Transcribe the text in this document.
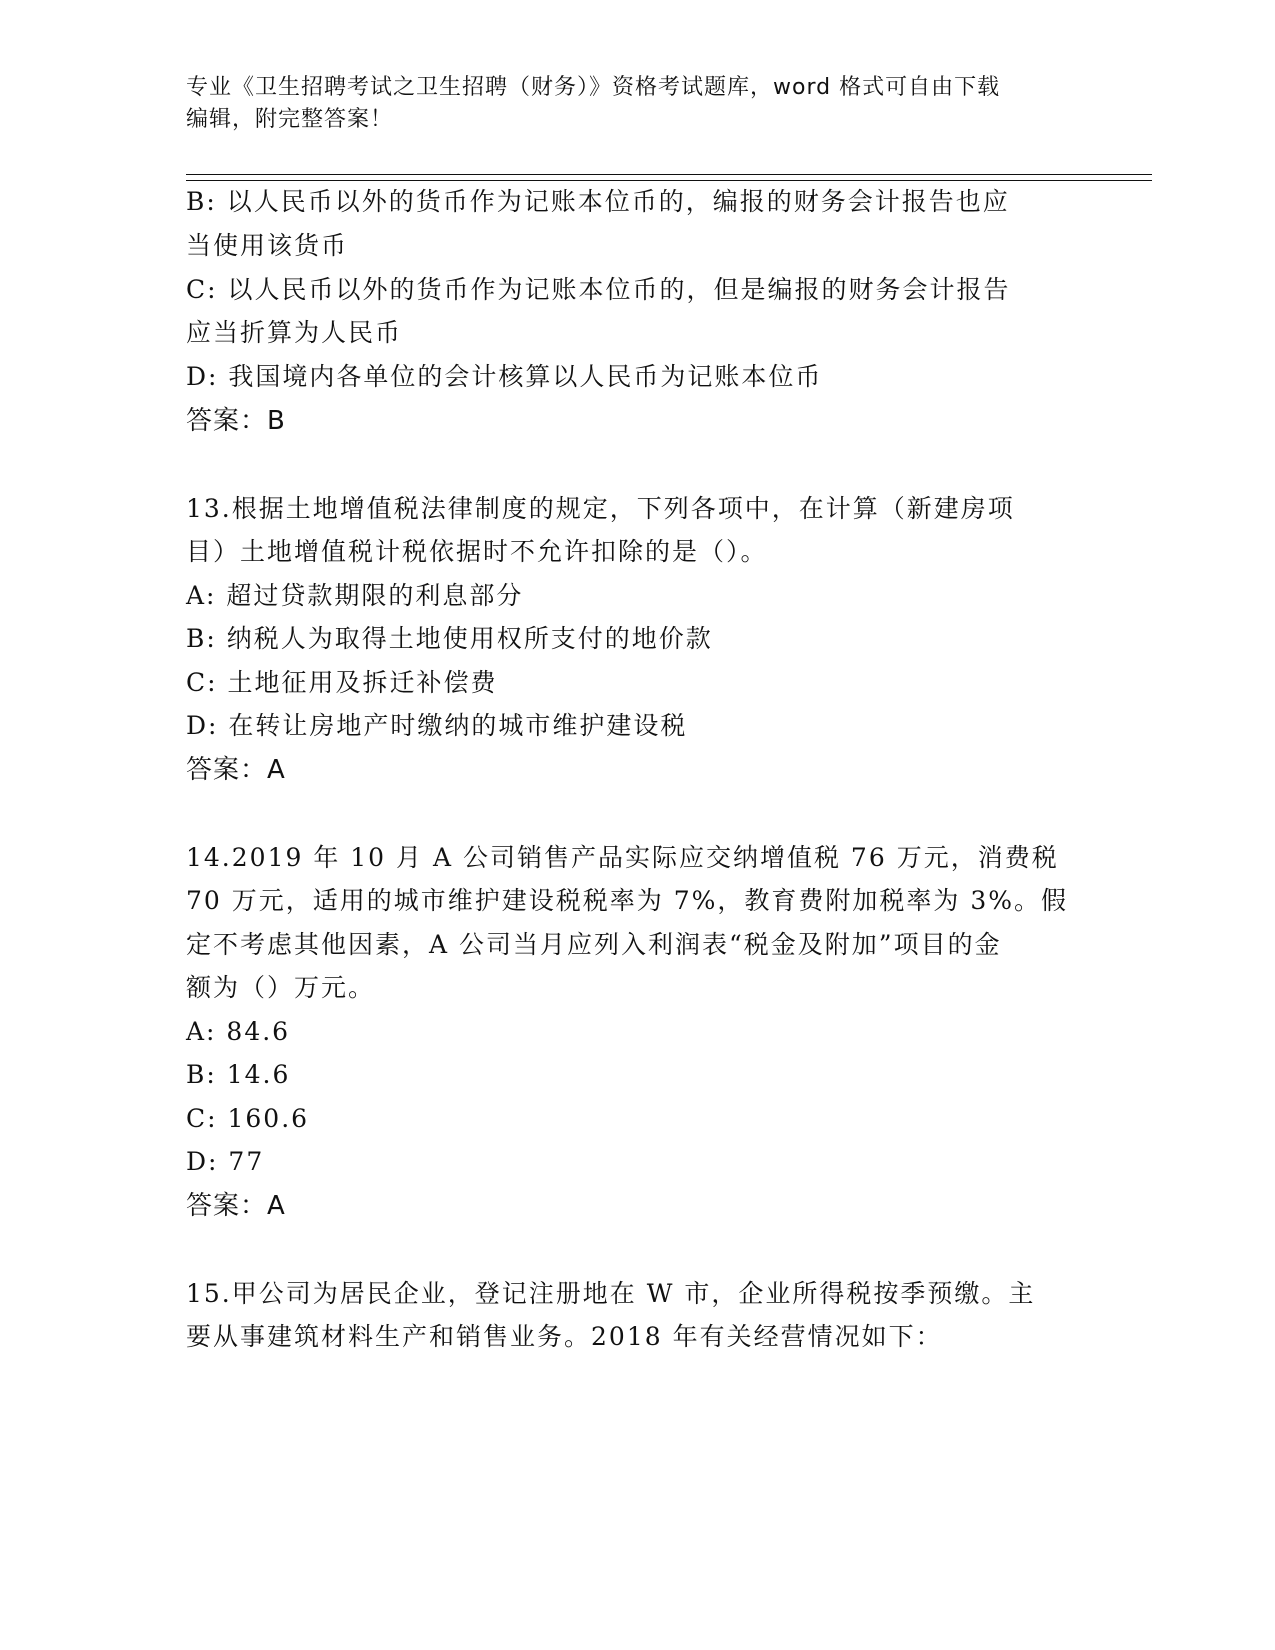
专业《卫生招聘考试之卫生招聘（财务）》资格考试题库，word 格式可自由下载
编辑，附完整答案！
B: 以人民币以外的货币作为记账本位币的，编报的财务会计报告也应
当使用该货币
C: 以人民币以外的货币作为记账本位币的，但是编报的财务会计报告
应当折算为人民币
D: 我国境内各单位的会计核算以人民币为记账本位币
答案：B
13.根据土地增值税法律制度的规定，下列各项中，在计算（新建房项
目）土地增值税计税依据时不允许扣除的是（）。
A: 超过贷款期限的利息部分
B: 纳税人为取得土地使用权所支付的地价款
C: 土地征用及拆迁补偿费
D: 在转让房地产时缴纳的城市维护建设税
答案：A
14.2019 年 10 月 A 公司销售产品实际应交纳增值税 76 万元，消费税
70 万元，适用的城市维护建设税税率为 7%，教育费附加税率为 3%。假
定不考虑其他因素，A 公司当月应列入利润表“税金及附加”项目的金
额为（）万元。
A: 84.6
B: 14.6
C: 160.6
D: 77
答案：A
15.甲公司为居民企业，登记注册地在 W 市，企业所得税按季预缴。主
要从事建筑材料生产和销售业务。2018 年有关经营情况如下：
